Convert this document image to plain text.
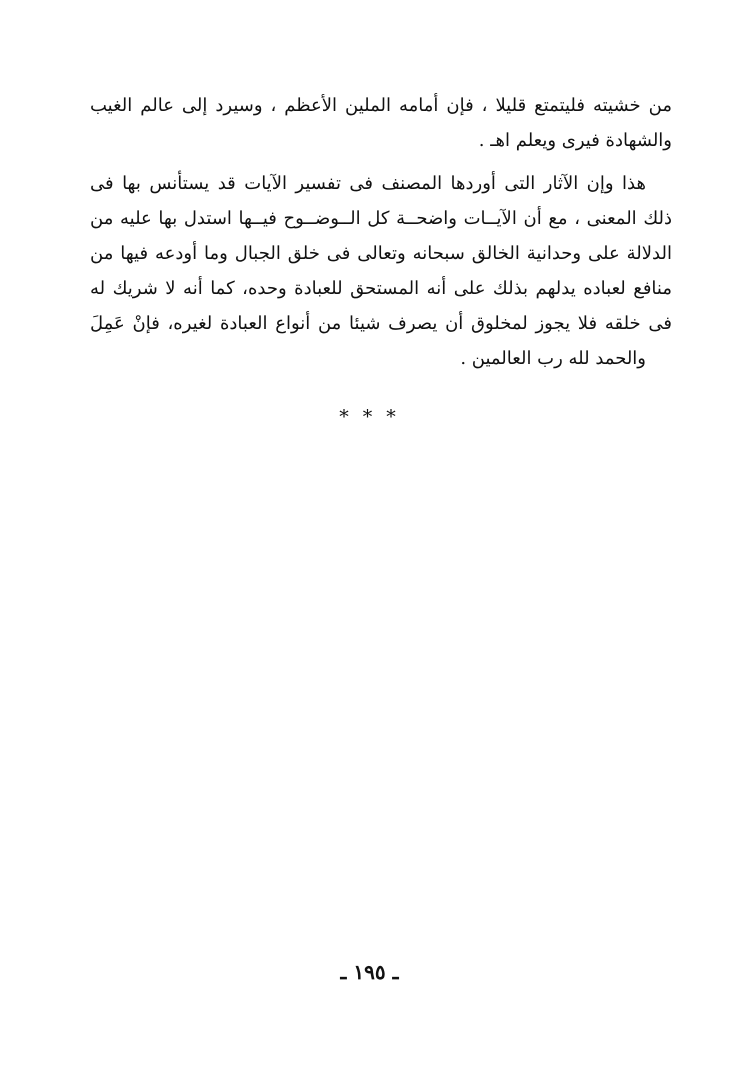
من خشيته فليتمتع قليلا ، فإن أمامه الملين الأعظم ، وسيرد إلى عالم الغيب والشهادة فيرى ويعلم اهـ .

هذا وإن الآثار التى أوردها المصنف فى تفسير الآيات قد يستأنس بها فى ذلك المعنى ، مع أن الآيــات واضحــة كل الــوضــوح فيــها استدل بها عليه من الدلالة على وحدانية الخالق سبحانه وتعالى فى خلق الجبال وما أودعه فيها من منافع لعباده يدلهم بذلك على أنه المستحق للعبادة وحده، كما أنه لا شريك له فى خلقه فلا يجوز لمخلوق أن يصرف شيئا من أنواع العبادة لغيره، فإنْ عَمِلَ

والحمد لله رب العالمين .

* * *
ـ ١٩٥ ـ
